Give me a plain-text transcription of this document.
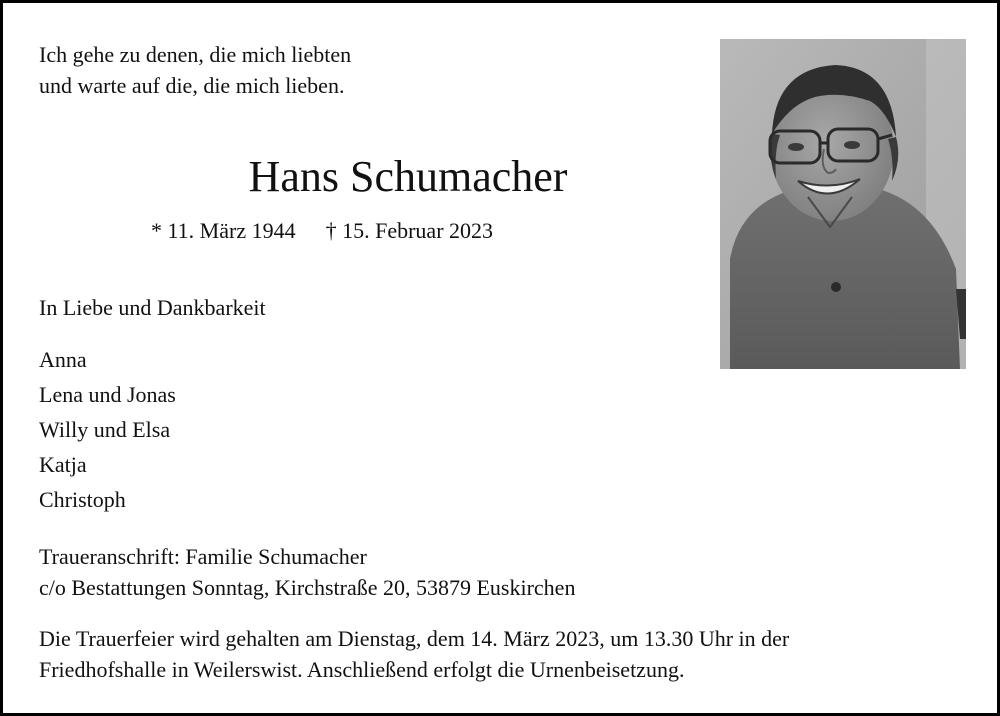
Ich gehe zu denen, die mich liebten
und warte auf die, die mich lieben.
Hans Schumacher
* 11. März 1944 † 15. Februar 2023
In Liebe und Dankbarkeit
Anna
Lena und Jonas
Willy und Elsa
Katja
Christoph
Traueranschrift: Familie Schumacher
c/o Bestattungen Sonntag, Kirchstraße 20, 53879 Euskirchen
Die Trauerfeier wird gehalten am Dienstag, dem 14. März 2023, um 13.30 Uhr in der
Friedhofshalle in Weilerswist. Anschließend erfolgt die Urnenbeisetzung.
